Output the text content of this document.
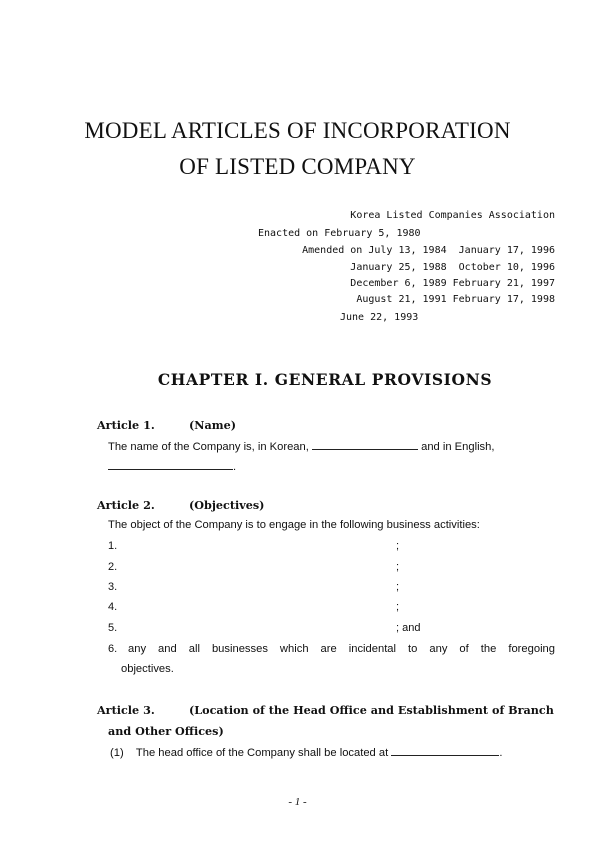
MODEL ARTICLES OF INCORPORATION
OF LISTED COMPANY
Korea Listed Companies Association
Enacted on February 5, 1980
Amended on July 13, 1984  January 17, 1996
January 25, 1988  October 10, 1996
December 6, 1989 February 21, 1997
August 21, 1991 February 17, 1998
June 22, 1993
CHAPTER Ⅰ. GENERAL PROVISIONS
Article 1.	(Name)
The name of the Company is, in Korean,	and in English,
.
Article 2.	(Objectives)
The object of the Company is to engage in the following business activities:
1.	;
2.	;
3.	;
4.	;
5.	; and
6. any and all businesses which are incidental to any of the foregoing
objectives.
Article 3.	(Location of the Head Office and Establishment of Branch
and Other Offices)
(1) The head office of the Company shall be located at	.
- 1 -
